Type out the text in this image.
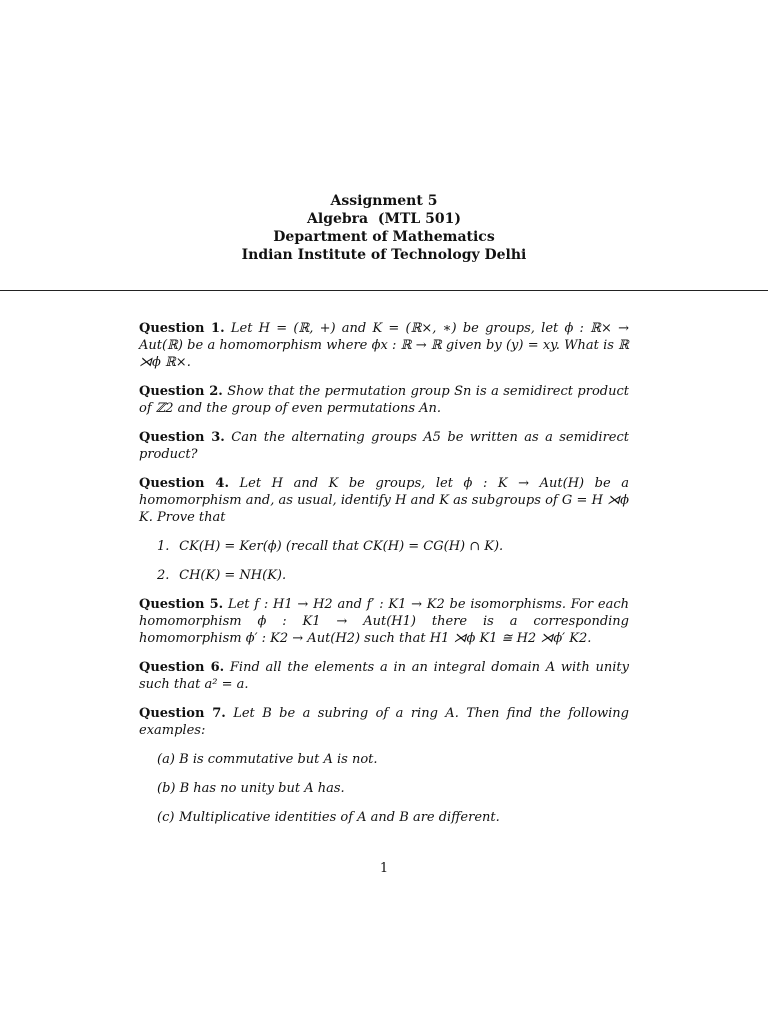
Assignment 5
Algebra  (MTL 501)
Department of Mathematics
Indian Institute of Technology Delhi

Question 1. Let H = (ℝ, +) and K = (ℝ×, ∗) be groups, let ϕ : ℝ× → Aut(ℝ) be a homomorphism where ϕx : ℝ → ℝ given by (y) = xy. What is ℝ ⋊ϕ ℝ×.

Question 2. Show that the permutation group Sn is a semidirect product of ℤ2 and the group of even permutations An.

Question 3. Can the alternating groups A5 be written as a semidirect product?

Question 4. Let H and K be groups, let ϕ : K → Aut(H) be a homomorphism and, as usual, identify H and K as subgroups of G = H ⋊ϕ K. Prove that

1. CK(H) = Ker(ϕ) (recall that CK(H) = CG(H) ∩ K).
2. CH(K) = NH(K).

Question 5. Let f : H1 → H2 and f′ : K1 → K2 be isomorphisms. For each homomorphism ϕ : K1 → Aut(H1) there is a corresponding homomorphism ϕ′ : K2 → Aut(H2) such that H1 ⋊ϕ K1 ≅ H2 ⋊ϕ′ K2.

Question 6. Find all the elements a in an integral domain A with unity such that a² = a.

Question 7. Let B be a subring of a ring A. Then find the following examples:

(a) B is commutative but A is not.
(b) B has no unity but A has.
(c) Multiplicative identities of A and B are different.
1
